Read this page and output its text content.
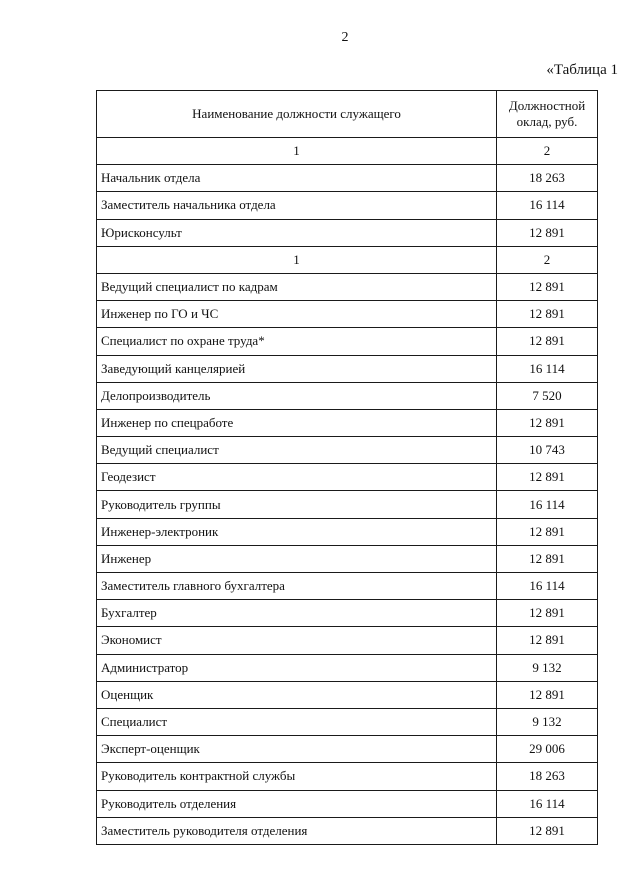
2
«Таблица 1
Наименование должности служащего	Должностной оклад, руб.
1	2
Начальник отдела	18 263
Заместитель начальника отдела	16 114
Юрисконсульт	12 891
1	2
Ведущий специалист по кадрам	12 891
Инженер по ГО и ЧС	12 891
Специалист по охране труда*	12 891
Заведующий канцелярией	16 114
Делопроизводитель	7 520
Инженер по спецработе	12 891
Ведущий специалист	10 743
Геодезист	12 891
Руководитель группы	16 114
Инженер-электроник	12 891
Инженер	12 891
Заместитель главного бухгалтера	16 114
Бухгалтер	12 891
Экономист	12 891
Администратор	9 132
Оценщик	12 891
Специалист	9 132
Эксперт-оценщик	29 006
Руководитель контрактной службы	18 263
Руководитель отделения	16 114
Заместитель руководителя отделения	12 891
